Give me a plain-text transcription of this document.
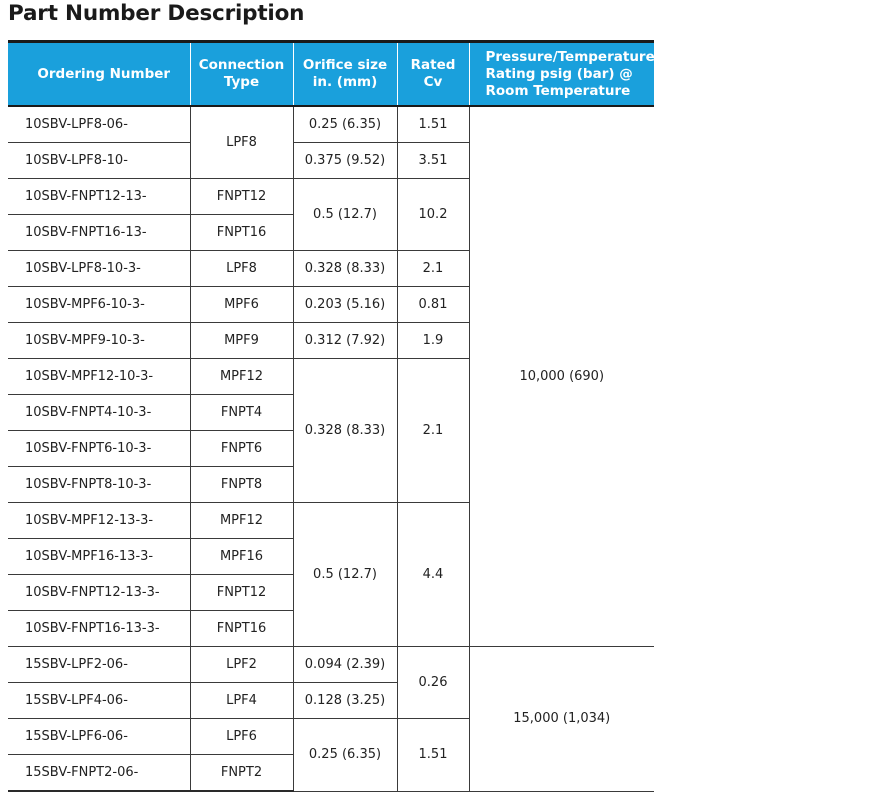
Part Number Description
Ordering Number	Connection Type	Orifice size in. (mm)	Rated Cv	Pressure/Temperature Rating psig (bar) @ Room Temperature
10SBV-LPF8-06-	LPF8	0.25 (6.35)	1.51	10,000 (690)
10SBV-LPF8-10-		0.375 (9.52)	3.51	
10SBV-FNPT12-13-	FNPT12	0.5 (12.7)	10.2	
10SBV-FNPT16-13-	FNPT16			
10SBV-LPF8-10-3-	LPF8	0.328 (8.33)	2.1	
10SBV-MPF6-10-3-	MPF6	0.203 (5.16)	0.81	
10SBV-MPF9-10-3-	MPF9	0.312 (7.92)	1.9	
10SBV-MPF12-10-3-	MPF12	0.328 (8.33)	2.1	
10SBV-FNPT4-10-3-	FNPT4			
10SBV-FNPT6-10-3-	FNPT6			
10SBV-FNPT8-10-3-	FNPT8			
10SBV-MPF12-13-3-	MPF12	0.5 (12.7)	4.4	
10SBV-MPF16-13-3-	MPF16			
10SBV-FNPT12-13-3-	FNPT12			
10SBV-FNPT16-13-3-	FNPT16			
15SBV-LPF2-06-	LPF2	0.094 (2.39)	0.26	15,000 (1,034)
15SBV-LPF4-06-	LPF4	0.128 (3.25)		
15SBV-LPF6-06-	LPF6	0.25 (6.35)	1.51	
15SBV-FNPT2-06-	FNPT2			
